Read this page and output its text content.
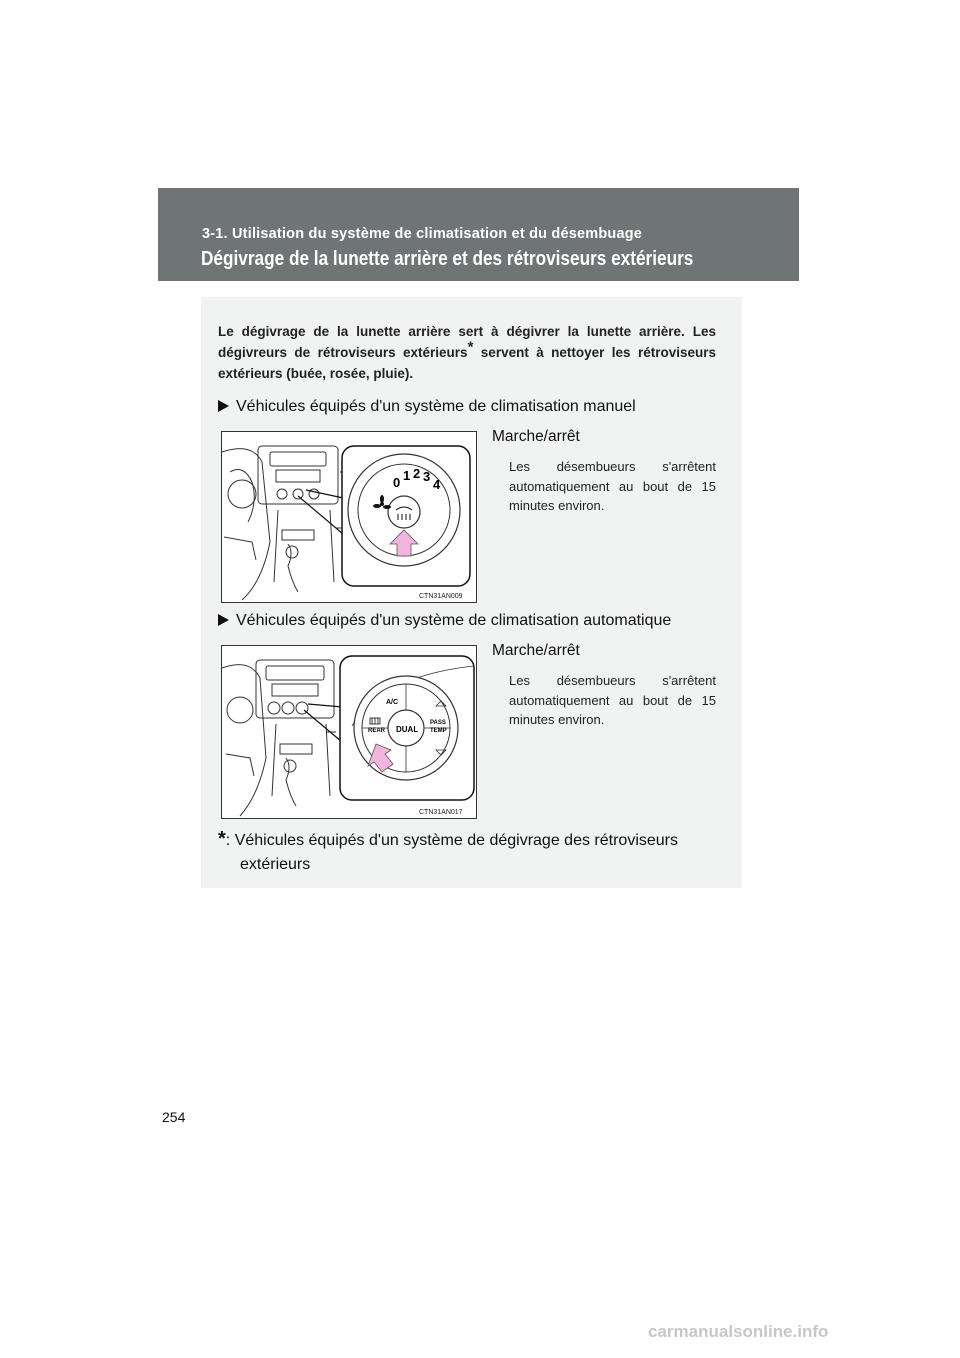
3-1. Utilisation du système de climatisation et du désembuage
Dégivrage de la lunette arrière et des rétroviseurs extérieurs
Le dégivrage de la lunette arrière sert à dégivrer la lunette arrière. Les dégivreurs de rétroviseurs extérieurs* servent à nettoyer les rétroviseurs extérieurs (buée, rosée, pluie).
Véhicules équipés d'un système de climatisation manuel
0 1 2 3
4
CTN31AN009
Marche/arrêt
Les désembueurs s'arrêtent automatiquement au bout de 15 minutes environ.
Véhicules équipés d'un système de climatisation automatique
A/C
REAR DUAL
PASS
TEMP
CTN31AN017
Marche/arrêt
Les désembueurs s'arrêtent automatiquement au bout de 15 minutes environ.
*: Véhicules équipés d'un système de dégivrage des rétroviseurs
extérieurs
254
carmanualsonline.info
